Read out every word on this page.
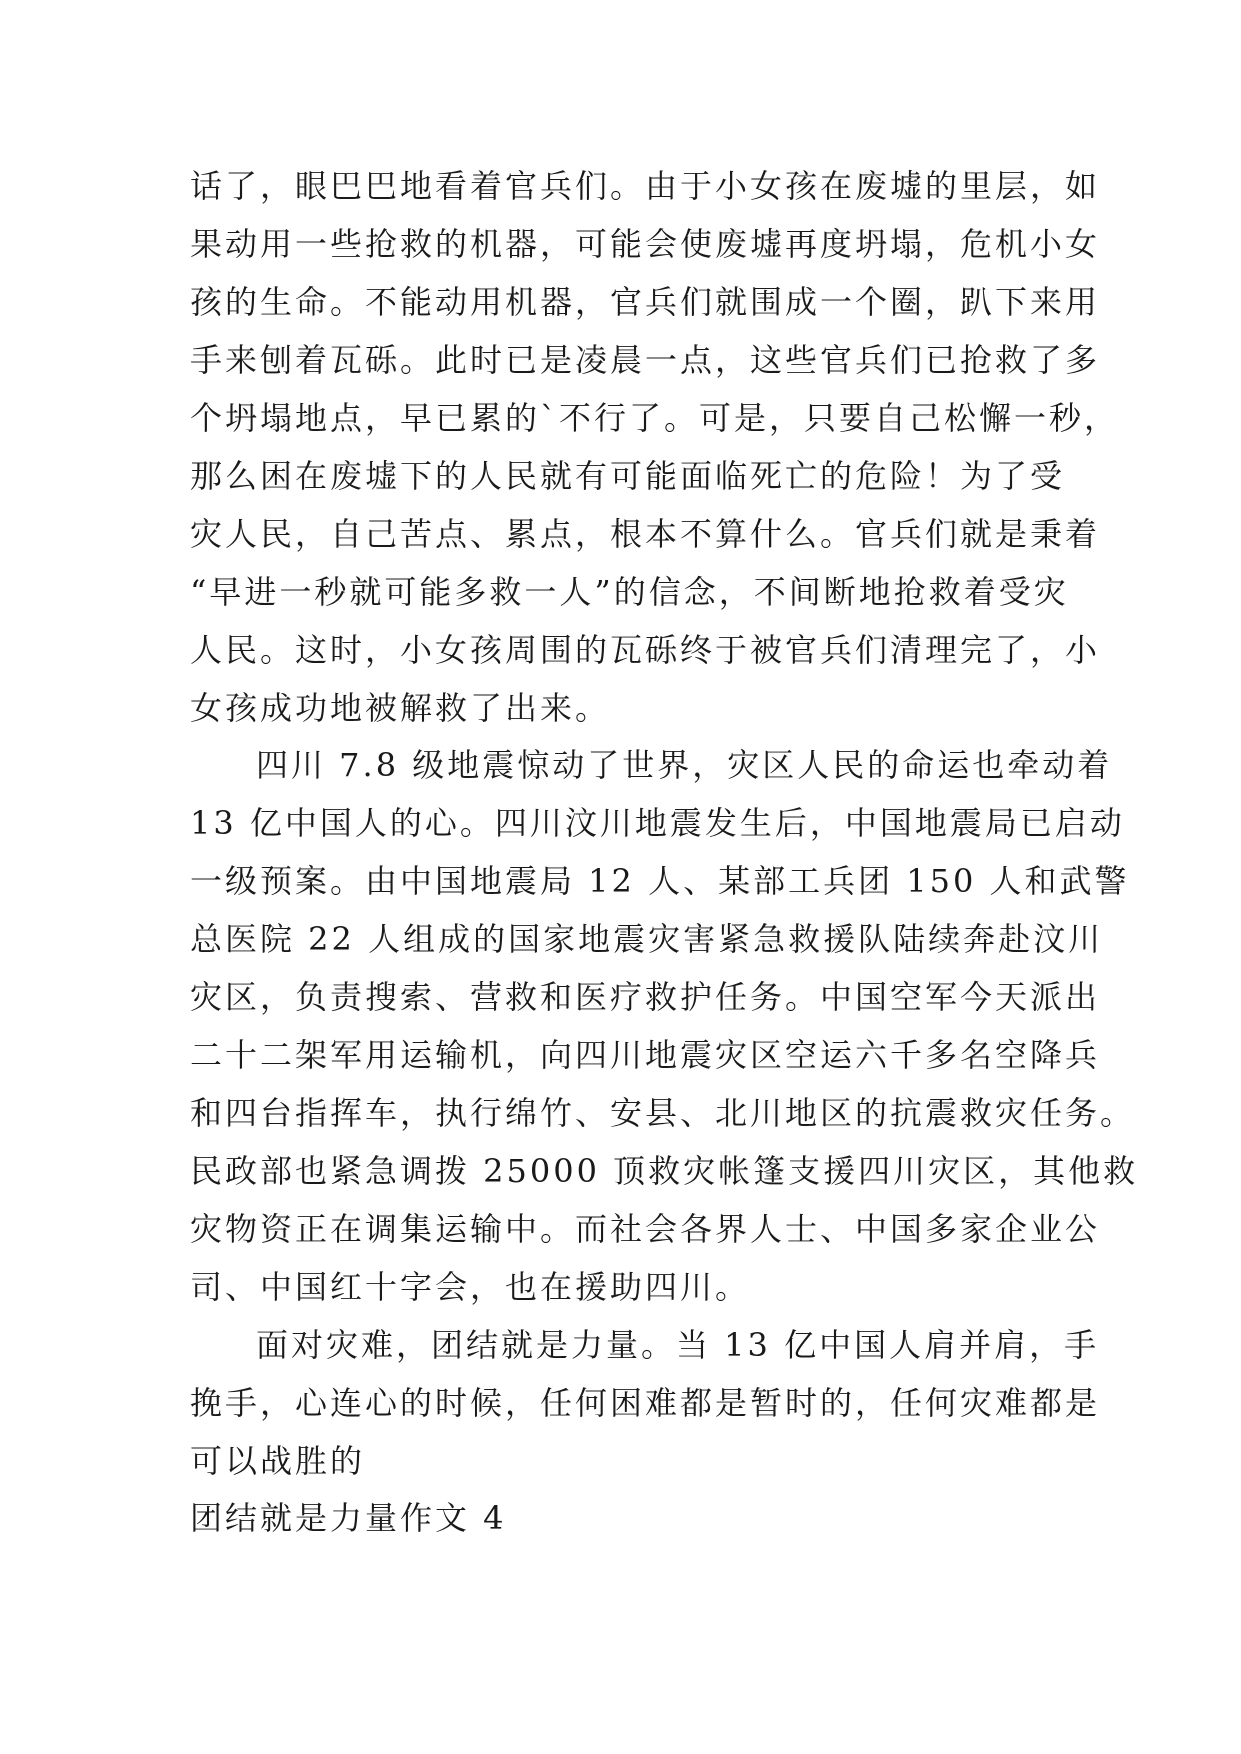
话了，眼巴巴地看着官兵们。由于小女孩在废墟的里层，如
果动用一些抢救的机器，可能会使废墟再度坍塌，危机小女
孩的生命。不能动用机器，官兵们就围成一个圈，趴下来用
手来刨着瓦砾。此时已是凌晨一点，这些官兵们已抢救了多
个坍塌地点，早已累的`不行了。可是，只要自己松懈一秒，
那么困在废墟下的人民就有可能面临死亡的危险！为了受
灾人民，自己苦点、累点，根本不算什么。官兵们就是秉着
“早进一秒就可能多救一人”的信念，不间断地抢救着受灾
人民。这时，小女孩周围的瓦砾终于被官兵们清理完了，小
女孩成功地被解救了出来。
四川 7.8 级地震惊动了世界，灾区人民的命运也牵动着
13 亿中国人的心。四川汶川地震发生后，中国地震局已启动
一级预案。由中国地震局 12 人、某部工兵团 150 人和武警
总医院 22 人组成的国家地震灾害紧急救援队陆续奔赴汶川
灾区，负责搜索、营救和医疗救护任务。中国空军今天派出
二十二架军用运输机，向四川地震灾区空运六千多名空降兵
和四台指挥车，执行绵竹、安县、北川地区的抗震救灾任务。
民政部也紧急调拨 25000 顶救灾帐篷支援四川灾区，其他救
灾物资正在调集运输中。而社会各界人士、中国多家企业公
司、中国红十字会，也在援助四川。
面对灾难，团结就是力量。当 13 亿中国人肩并肩，手
挽手，心连心的时候，任何困难都是暂时的，任何灾难都是
可以战胜的
团结就是力量作文 4
